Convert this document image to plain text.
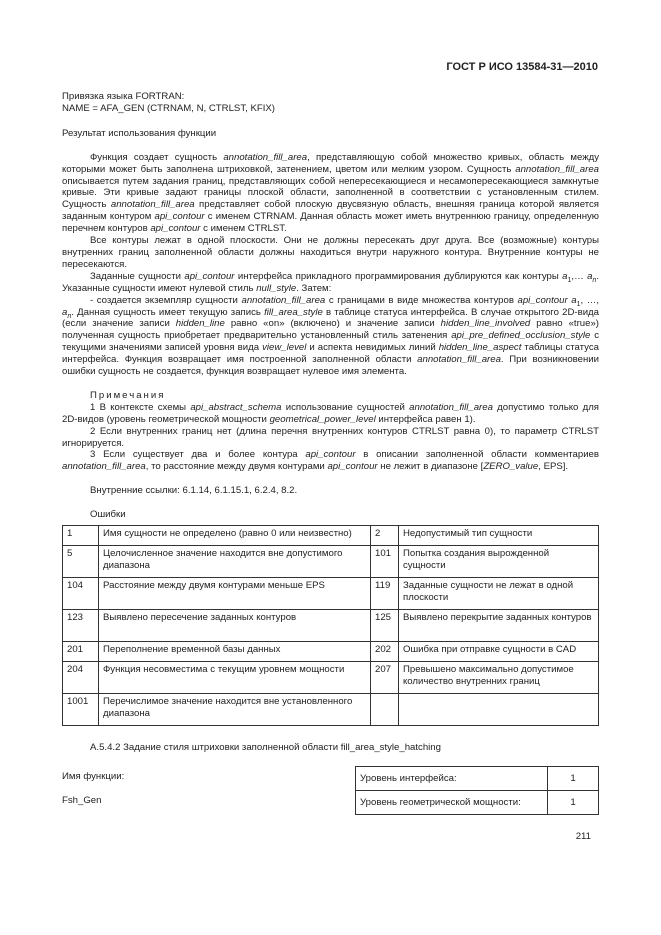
ГОСТ Р ИСО 13584-31—2010

Привязка языка FORTRAN:

NAME = AFA_GEN (CTRNAM, N, CTRLST, KFIX)

Результат использования функции

Функция создает сущность annotation_fill_area, представляющую собой множество кривых, область между которыми может быть заполнена штриховкой, затенением, цветом или мелким узором. Сущность annotation_fill_area описывается путем задания границ, представляющих собой непересекающиеся и несамопересекающиеся замкнутые кривые. Эти кривые задают границы плоской области, заполненной в соответствии с установленным стилем. Сущность annotation_fill_area представляет собой плоскую двусвязную область, внешняя граница которой является заданным контуром api_contour с именем CTRNAM. Данная область может иметь внутреннюю границу, определенную перечнем контуров api_contour с именем CTRLST.

Все контуры лежат в одной плоскости. Они не должны пересекать друг друга. Все (возможные) контуры внутренних границ заполненной области должны находиться внутри наружного контура. Внутренние контуры не пересекаются.

Заданные сущности api_contour интерфейса прикладного программирования дублируются как контуры $a_1,\dots$ $a_n$. Указанные сущности имеют нулевой стиль null_style. Затем:

- создается экземпляр сущности annotation_fill_area с границами в виде множества контуров api_contour $a_1$, …, $a_n$. Данная сущность имеет текущую запись fill_area_style в таблице статуса интерфейса. В случае открытого 2D-вида (если значение записи hidden_line равно «on» (включено) и значение записи hidden_line_involved равно «true») полученная сущность приобретает предварительно установленный стиль затенения api_pre_defined_occlusion_style с текущими значениями записей уровня вида view_level и аспекта невидимых линий hidden_line_aspect таблицы статуса интерфейса. Функция возвращает имя построенной заполненной области annotation_fill_area. При возникновении ошибки сущность не создается, функция возвращает нулевое имя элемента.

Примечания

1 В контексте схемы api_abstract_schema использование сущностей annotation_fill_area допустимо только для 2D-видов (уровень геометрической мощности geometrical_power_level интерфейса равен 1).

2 Если внутренних границ нет (длина перечня внутренних контуров CTRLST равна 0), то параметр CTRLST игнорируется.

3 Если существует два и более контура api_contour в описании заполненной области комментариев annotation_fill_area, то расстояние между двумя контурами api_contour не лежит в диапазоне [ZERO_value, EPS].

Внутренние ссылки: 6.1.14, 6.1.15.1, 6.2.4, 8.2.
Ошибки
1	Имя сущности не определено (равно 0 или неизвестно)	2	Недопустимый тип сущности
5	Целочисленное значение находится вне допустимого диапазона	101	Попытка создания вырожденной сущности
104	Расстояние между двумя контурами меньше EPS	119	Заданные сущности не лежат в одной плоскости
123	Выявлено пересечение заданных контуров	125	Выявлено перекрытие заданных контуров
201	Переполнение временной базы данных	202	Ошибка при отправке сущности в CAD
204	Функция несовместима с текущим уровнем мощности	207	Превышено максимально допустимое количество внутренних границ
1001	Перечислимое значение находится вне установленного диапазона		
A.5.4.2 Задание стиля штриховки заполненной области fill_area_style_hatching
Имя функции:
Fsh_Gen
Уровень интерфейса:	1
Уровень геометрической мощности:	1
211
